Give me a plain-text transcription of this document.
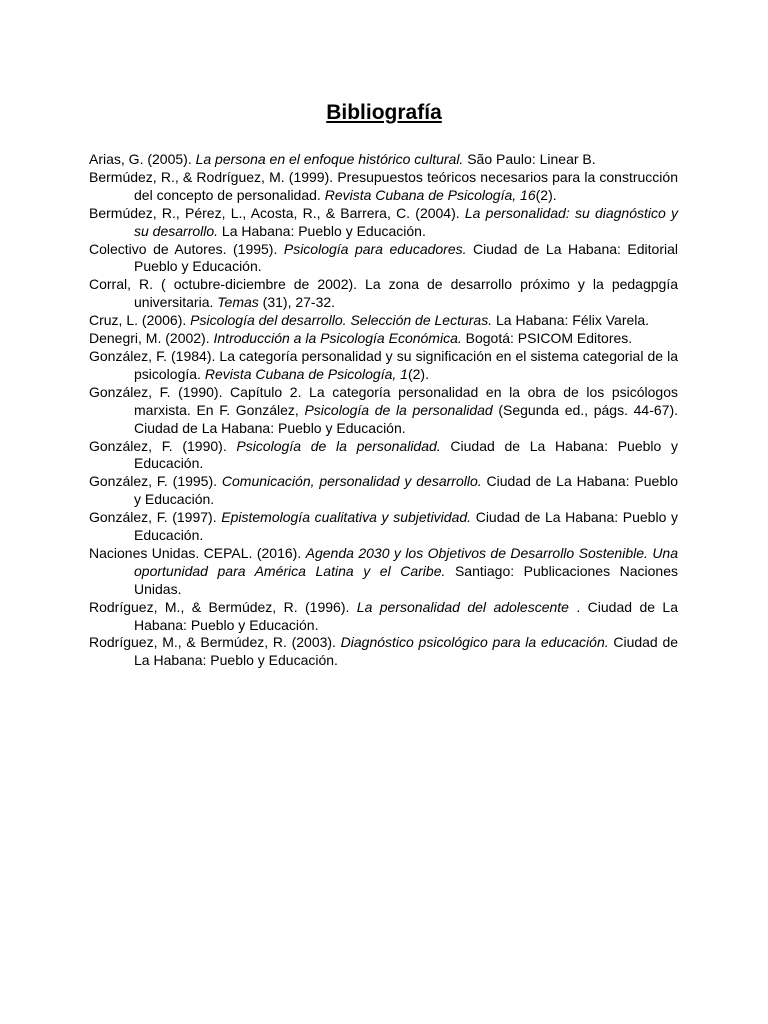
Bibliografía
Arias, G. (2005). La persona en el enfoque histórico cultural. São Paulo: Linear B.
Bermúdez, R., & Rodríguez, M. (1999). Presupuestos teóricos necesarios para la construcción del concepto de personalidad. Revista Cubana de Psicología, 16(2).
Bermúdez, R., Pérez, L., Acosta, R., & Barrera, C. (2004). La personalidad: su diagnóstico y su desarrollo. La Habana: Pueblo y Educación.
Colectivo de Autores. (1995). Psicología para educadores. Ciudad de La Habana: Editorial Pueblo y Educación.
Corral, R. ( octubre-diciembre de 2002). La zona de desarrollo próximo y la pedagpgía universitaria. Temas (31), 27-32.
Cruz, L. (2006). Psicología del desarrollo. Selección de Lecturas. La Habana: Félix Varela.
Denegri, M. (2002). Introducción a la Psicología Económica. Bogotá: PSICOM Editores.
González, F. (1984). La categoría personalidad y su significación en el sistema categorial de la psicología. Revista Cubana de Psicología, 1(2).
González, F. (1990). Capítulo 2. La categoría personalidad en la obra de los psicólogos marxista. En F. González, Psicología de la personalidad (Segunda ed., págs. 44-67). Ciudad de La Habana: Pueblo y Educación.
González, F. (1990). Psicología de la personalidad. Ciudad de La Habana: Pueblo y Educación.
González, F. (1995). Comunicación, personalidad y desarrollo. Ciudad de La Habana: Pueblo y Educación.
González, F. (1997). Epistemología cualitativa y subjetividad. Ciudad de La Habana: Pueblo y Educación.
Naciones Unidas. CEPAL. (2016). Agenda 2030 y los Objetivos de Desarrollo Sostenible. Una oportunidad para América Latina y el Caribe. Santiago: Publicaciones Naciones Unidas.
Rodríguez, M., & Bermúdez, R. (1996). La personalidad del adolescente . Ciudad de La Habana: Pueblo y Educación.
Rodríguez, M., & Bermúdez, R. (2003). Diagnóstico psicológico para la educación. Ciudad de La Habana: Pueblo y Educación.
